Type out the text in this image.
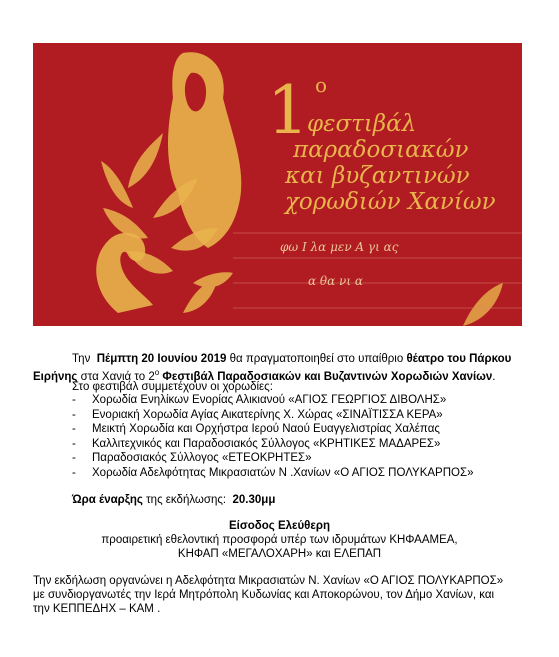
1 ο
φεστιβάλ
παραδοσιακών
και βυζαντινών
χορωδιών Χανίων
φω Ι λα μεν Α γι ας
α θα νι α
Την Πέμπτη 20 Ιουνίου 2019 θα πραγματοποιηθεί στο υπαίθριο θέατρο του Πάρκου
Ειρήνης στα Χανιά το $2^o$ Φεστιβάλ Παραδοσιακών και Βυζαντινών Χορωδιών Χανίων.
Στο φεστιβάλ συμμετέχουν οι χορωδίες:
- Χορωδία Ενηλίκων Ενορίας Αλικιανού «ΑΓΙΟΣ ΓΕΩΡΓΙΟΣ ΔΙΒΟΛΗΣ»
- Ενοριακή Χορωδία Αγίας Αικατερίνης Χ. Χώρας «ΣΙΝΑΪΤΙΣΣΑ ΚΕΡΑ»
- Μεικτή Χορωδία και Ορχήστρα Ιερού Ναού Ευαγγελιστρίας Χαλέπας
- Καλλιτεχνικός και Παραδοσιακός Σύλλογος «ΚΡΗΤΙΚΕΣ ΜΑΔΑΡΕΣ»
- Παραδοσιακός Σύλλογος «ΕΤΕΟΚΡΗΤΕΣ»
- Χορωδία Αδελφότητας Μικρασιατών Ν .Χανίων «Ο ΑΓΙΟΣ ΠΟΛΥΚΑΡΠΟΣ»
Ώρα έναρξης της εκδήλωσης: 20.30μμ
Είσοδος Ελεύθερη
προαιρετική εθελοντική προσφορά υπέρ των ιδρυμάτων ΚΗΦΑΑΜΕΑ,
ΚΗΦΑΠ «ΜΕΓΑΛΟΧΑΡΗ» και ΕΛΕΠΑΠ
Την εκδήλωση οργανώνει η Αδελφότητα Μικρασιατών Ν. Χανίων «Ο ΑΓΙΟΣ ΠΟΛΥΚΑΡΠΟΣ»
με συνδιοργανωτές την Ιερά Μητρόπολη Κυδωνίας και Αποκορώνου, τον Δήμο Χανίων, και
την ΚΕΠΠΕΔΗΧ – ΚΑΜ .
